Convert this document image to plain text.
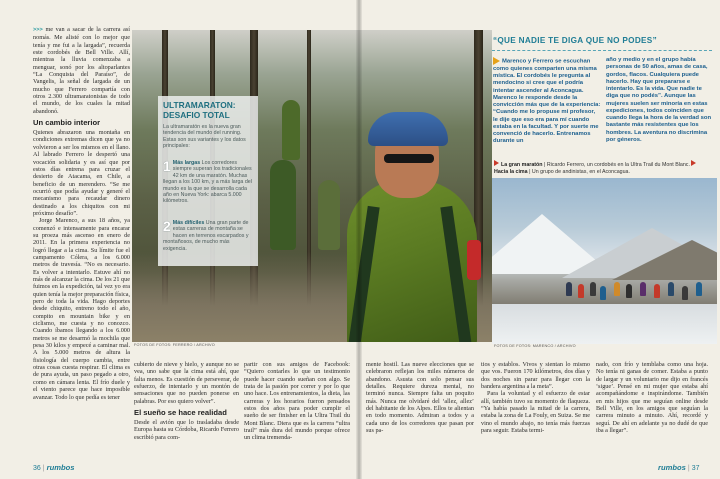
>>> me van a sacar de la carrera así nomás. Me alisté con lo mejor que tenía y me fui a la largada”, recuerda este cordobés de Bell Ville. Allí, mientras la lluvia comenzaba a menguar, sonó por los altoparlantes “La Conquista del Paraíso”, de Vangelis, la señal de largada de un mucho que Ferrero compartía con otros 2.300 ultramaratonistas de todo el mundo, de los cuales la mitad abandonó.

Un cambio interior

Quienes abrazaron una montaña en condiciones extremas dicen que ya no volvieron a ser los mismos en el llano. Al labrado Ferrero le despertó una vocación solidaria y es así que por estos días entrena para cruzar el desierto de Atacama, en Chile, a beneficio de un merendero. “Se me ocurrió que podía ayudar y generé el mecanismo para recaudar dinero destinado a los chiquitos con mi próximo desafío”.

Jorge Marenco, a sus 18 años, ya comenzó e intensamente para encarar su proeza más ascenso en enero de 2011. En la primera experiencia no logró llegar a la cima. Su límite fue el campamento Cólera, a los 6.000 metros de travesía. “No es necesario. Es volver a intentarlo. Estuve ahí no más de alcanzar la cima. De los 21 que fuimos en la expedición, tal vez yo era quien tenía la mejor preparación física, pero de toda la vida. Hago deportes desde chiquito, entreno todo el año, compito en mountain bike y en ciclismo, me cuesta y no conozco. Cuando íbamos llegando a los 6.000 metros se me desarmó la mochila que pesa 30 kilos y empecé a caminar mal. A los 5.000 metros de altura la fisiología del cuerpo cambia, entre otras cosas cuesta respirar. El clima es de pura ayuda, un paso pegado a otro, como en cámara lenta. El frío duele y el viento parece que hace imposible avanzar. Todo lo que pedía es tener

ULTRAMARATON: DESAFIO TOTAL
La ultramaratón es la nueva gran tendencia del mundo del running. Estas son sus variantes y los datos principales:
1 Más largas Los corredores siempre superan los tradicionales 42 km de una maratón. Muchas llegan a los 100 km, y a más larga del mundo es la que se desarrolla cada año en Nueva York: abarca 5.000 kilómetros.
2 Más difíciles Una gran parte de estas carreras de montaña se hacen en terrenos escarpados y montañosos, de mucho más exigencia.
FOTOS DE FOTOS: FERRERO / ARCHIVO

cubierto de nieve y hielo, y aunque no se vea, uno sabe que la cima está ahí, que falta menos. Es cuestión de perseverar, de esfuerzo, de intentarlo y un montón de sensaciones que no pueden ponerse en palabras. Por eso quiero volver”.

El sueño se hace realidad

Desde el avión que lo trasladaba desde Europa hasta su Córdoba, Ricardo Ferrero escribió para com-

partir con sus amigos de Facebook: “Quiero contarles lo que un testimonio puede hacer cuando sueñan con algo. Se trata de la pasión por correr y por lo que uno hace. Los entrenamientos, la dieta, las carreras y los horarios fueron pensados estos dos años para poder cumplir el sueño de ser finisher en la Ultra Trail du Mont Blanc. Diera que es la carrera “ultra trail” más dura del mundo porque ofrece un clima tremenda-

mente hostil. Las nueve elecciones que se celebraron reflejan los miles números de abandono. Asusta con solo pensar sus detalles. Requiere dureza mental, no terminó nunca. Siempre falta un poquito más. Nunca me olvidaré del ‘allez, allez’ del habitante de los Alpes. Ellos te alientan en todo momento. Admiran a todos y a cada uno de los corredores que pasan por sus pa-

tios y establos. Vivos y sientan lo mismo que vos. Fueron 170 kilómetros, dos días y dos noches sin parar para llegar con la bandera argentina a la meta”.

Para la voluntad y el esfuerzo de estar allí, también tuvo su momento de flaqueza. “Ya había pasado la mitad de la carrera, estaba la zona de La Fouly, en Suiza. Se me vino el mundo abajo, no tenía más fuerzas para seguir. Estaba termi-

nado, con frío y temblaba como una hoja. No tenía ni ganas de comer. Estaba a punto de largar y un voluntario me dijo en francés ‘sigue’. Pensé en mi mujer que estaba ahí acompañándome e inspirándome. También en mis hijos que me seguían online desde Bell Ville, en los amigos que seguían la carrera minuto a minuto. Ahí, recordé y seguí. De ahí en adelante ya no dudé de que iba a llegar”.

“QUE NADIE TE DIGA QUE NO PODES”
Marenco y Ferrero se escuchan como quienes comparten una misma mística. El cordobés le pregunta al mendocino si cree que el podría intentar ascender al Aconcagua. Marenco le responde desde la convicción más que de la experiencia: “Cuando me lo propuse mi profesor, le dije que eso era para mí cuando estaba en la facultad. Y por suerte me convenció de hacerlo. Entrenamos durante un
año y medio y en el grupo había personas de 50 años, amas de casa, gordos, flacos. Cualquiera puede hacerlo. Hay que prepararse e intentarlo. Es la vida. Que nadie te diga que no podés”. Aunque las mujeres suelen ser minoría en estas expediciones, todos coinciden que cuando llega la hora de la verdad son bastante más resistentes que los hombres. La aventura no discrimina por géneros.
La gran maratón | Ricardo Ferrero, un cordobés en la Ultra Trail du Mont Blanc. Hacia la cima | Un grupo de andinistas, en el Aconcagua.
FOTOS DE FOTOS: MARENCO / ARCHIVO
36 | rumbos	rumbos | 37
